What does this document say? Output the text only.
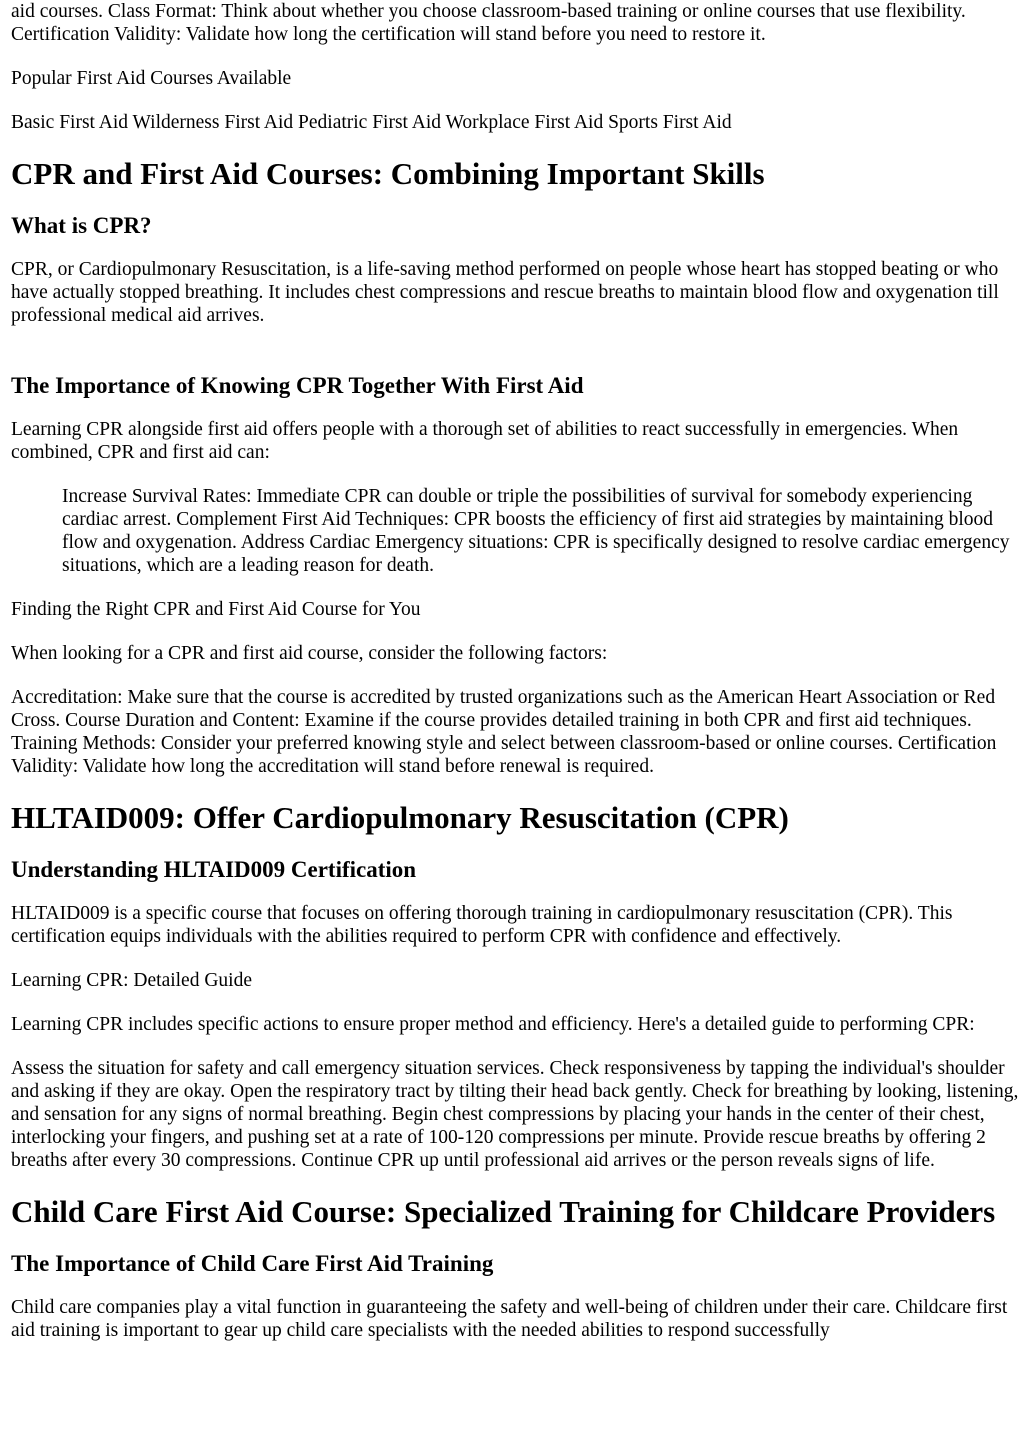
aid courses. Class Format: Think about whether you choose classroom-based training or online courses that use flexibility. Certification Validity: Validate how long the certification will stand before you need to restore it.

Popular First Aid Courses Available

Basic First Aid Wilderness First Aid Pediatric First Aid Workplace First Aid Sports First Aid

CPR and First Aid Courses: Combining Important Skills
What is CPR?

CPR, or Cardiopulmonary Resuscitation, is a life-saving method performed on people whose heart has stopped beating or who have actually stopped breathing. It includes chest compressions and rescue breaths to maintain blood flow and oxygenation till professional medical aid arrives.

The Importance of Knowing CPR Together With First Aid

Learning CPR alongside first aid offers people with a thorough set of abilities to react successfully in emergencies. When combined, CPR and first aid can:

Increase Survival Rates: Immediate CPR can double or triple the possibilities of survival for somebody experiencing cardiac arrest. Complement First Aid Techniques: CPR boosts the efficiency of first aid strategies by maintaining blood flow and oxygenation. Address Cardiac Emergency situations: CPR is specifically designed to resolve cardiac emergency situations, which are a leading reason for death.

Finding the Right CPR and First Aid Course for You

When looking for a CPR and first aid course, consider the following factors:

Accreditation: Make sure that the course is accredited by trusted organizations such as the American Heart Association or Red Cross. Course Duration and Content: Examine if the course provides detailed training in both CPR and first aid techniques. Training Methods: Consider your preferred knowing style and select between classroom-based or online courses. Certification Validity: Validate how long the accreditation will stand before renewal is required.

HLTAID009: Offer Cardiopulmonary Resuscitation (CPR)
Understanding HLTAID009 Certification

HLTAID009 is a specific course that focuses on offering thorough training in cardiopulmonary resuscitation (CPR). This certification equips individuals with the abilities required to perform CPR with confidence and effectively.

Learning CPR: Detailed Guide

Learning CPR includes specific actions to ensure proper method and efficiency. Here's a detailed guide to performing CPR:

Assess the situation for safety and call emergency situation services. Check responsiveness by tapping the individual's shoulder and asking if they are okay. Open the respiratory tract by tilting their head back gently. Check for breathing by looking, listening, and sensation for any signs of normal breathing. Begin chest compressions by placing your hands in the center of their chest, interlocking your fingers, and pushing set at a rate of 100-120 compressions per minute. Provide rescue breaths by offering 2 breaths after every 30 compressions. Continue CPR up until professional aid arrives or the person reveals signs of life.

Child Care First Aid Course: Specialized Training for Childcare Providers
The Importance of Child Care First Aid Training

Child care companies play a vital function in guaranteeing the safety and well-being of children under their care. Childcare first aid training is important to gear up child care specialists with the needed abilities to respond successfully
